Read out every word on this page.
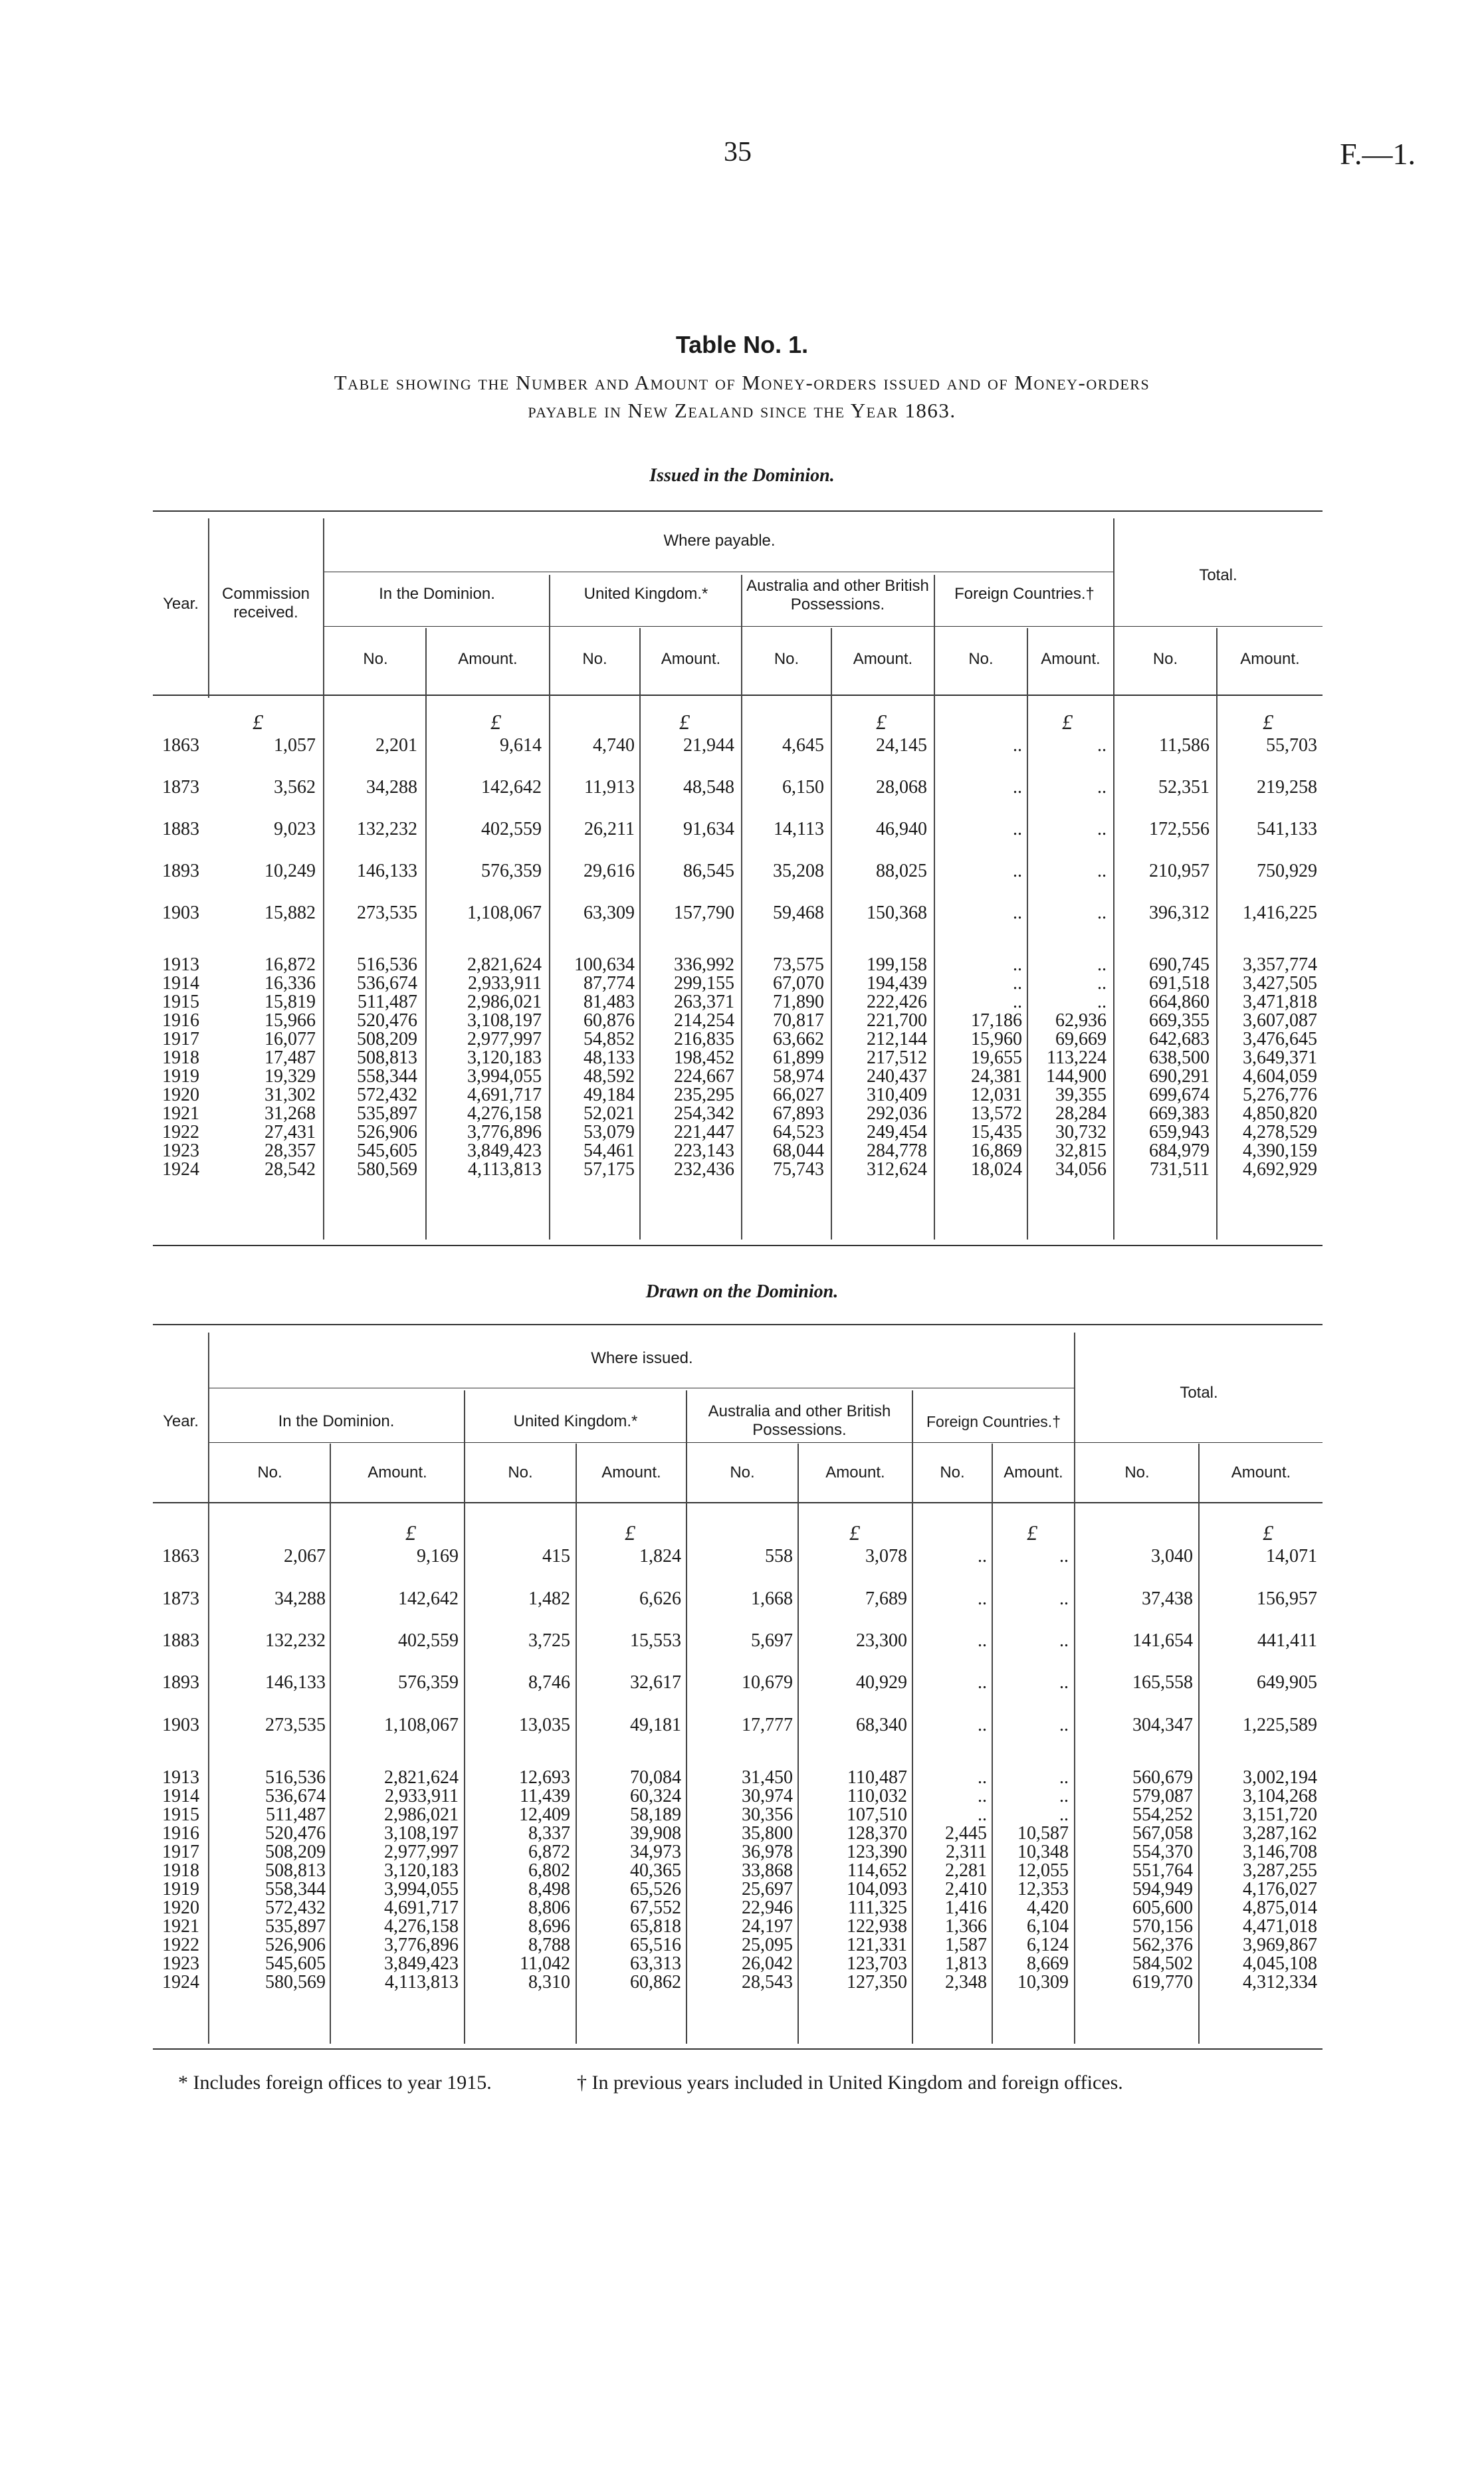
35	F.—1.
Table No. 1.
Table showing the Number and Amount of Money-orders issued and of Money-orders
payable in New Zealand since the Year 1863.
Issued in the Dominion.
Year.
Commission received.
Where payable.
In the Dominion.	United Kingdom.*	Australia and other British Possessions.
Foreign Countries.†
Total.
No.	Amount.	No.	Amount.	No.	Amount.	No.	Amount.	No.	Amount.
£	£	£	£	£	£
1863	1,057	2,201	9,614	4,740	21,944	4,645	24,145	..	..	11,586	55,703
1873	3,562	34,288	142,642 11,913	48,548	6,150	28,068	..	..	52,351	219,258
1883	9,023 132,232	402,559 26,211	91,634 14,113	46,940	..	.. 172,556	541,133
1893	10,249 146,133	576,359 29,616	86,545 35,208	88,025	..	.. 210,957	750,929
1903	15,882 273,535	1,108,067 63,309 157,790 59,468 150,368	..	.. 396,312 1,416,225
1913	16,872 516,536	2,821,624 100,634 336,992 73,575 199,158	..	.. 690,745 3,357,774
1914	16,336 536,674	2,933,911 87,774 299,155 67,070 194,439	..	.. 691,518 3,427,505
1915	15,819 511,487	2,986,021 81,483 263,371 71,890 222,426	..	.. 664,860 3,471,818
1916	15,966 520,476	3,108,197 60,876 214,254 70,817 221,700 17,186 62,936 669,355 3,607,087
1917	16,077 508,209	2,977,997 54,852 216,835 63,662 212,144 15,960 69,669 642,683 3,476,645
1918	17,487 508,813	3,120,183 48,133 198,452 61,899 217,512 19,655 113,224 638,500 3,649,371
1919	19,329 558,344	3,994,055 48,592 224,667 58,974 240,437 24,381 144,900 690,291 4,604,059
1920	31,302 572,432	4,691,717 49,184 235,295 66,027 310,409 12,031 39,355 699,674 5,276,776
1921	31,268 535,897	4,276,158 52,021 254,342 67,893 292,036 13,572 28,284 669,383 4,850,820
1922	27,431 526,906	3,776,896 53,079 221,447 64,523 249,454 15,435 30,732 659,943 4,278,529
1923	28,357 545,605	3,849,423 54,461 223,143 68,044 284,778 16,869 32,815 684,979 4,390,159
1924	28,542 580,569	4,113,813 57,175 232,436 75,743 312,624 18,024 34,056 731,511 4,692,929
Drawn on the Dominion.
Year.
Where issued.
In the Dominion.	United Kingdom.*
Australia and other British Possessions.	Foreign Countries.†
Total.
No.	Amount.	No.	Amount.	No.	Amount.	No.	Amount.	No.	Amount.
£	£	£	£	£
1863	2,067	9,169	415	1,824	558	3,078	..	..	3,040	14,071
1873	34,288	142,642	1,482	6,626	1,668	7,689	..	..	37,438	156,957
1883	132,232	402,559	3,725	15,553	5,697	23,300	..	..	141,654	441,411
1893	146,133	576,359	8,746	32,617	10,679	40,929	..	..	165,558	649,905
1903	273,535	1,108,067	13,035	49,181	17,777	68,340	..	..	304,347	1,225,589
1913	516,536	2,821,624	12,693	70,084	31,450	110,487	..	..	560,679	3,002,194
1914	536,674	2,933,911	11,439	60,324	30,974	110,032	..	..	579,087	3,104,268
1915	511,487	2,986,021	12,409	58,189	30,356	107,510	..	..	554,252	3,151,720
1916	520,476	3,108,197	8,337	39,908	35,800	128,370 2,445 10,587	567,058	3,287,162
1917	508,209	2,977,997	6,872	34,973	36,978	123,390 2,311 10,348	554,370	3,146,708
1918	508,813	3,120,183	6,802	40,365	33,868	114,652 2,281 12,055	551,764	3,287,255
1919	558,344	3,994,055	8,498	65,526	25,697	104,093 2,410 12,353	594,949	4,176,027
1920	572,432	4,691,717	8,806	67,552	22,946	111,325 1,416 4,420	605,600	4,875,014
1921	535,897	4,276,158	8,696	65,818	24,197	122,938 1,366 6,104	570,156	4,471,018
1922	526,906	3,776,896	8,788	65,516	25,095	121,331 1,587 6,124	562,376	3,969,867
1923	545,605	3,849,423	11,042	63,313	26,042	123,703 1,813 8,669	584,502	4,045,108
1924	580,569	4,113,813	8,310	60,862	28,543	127,350 2,348 10,309	619,770	4,312,334
* Includes foreign offices to year 1915.	† In previous years included in United Kingdom and foreign offices.
